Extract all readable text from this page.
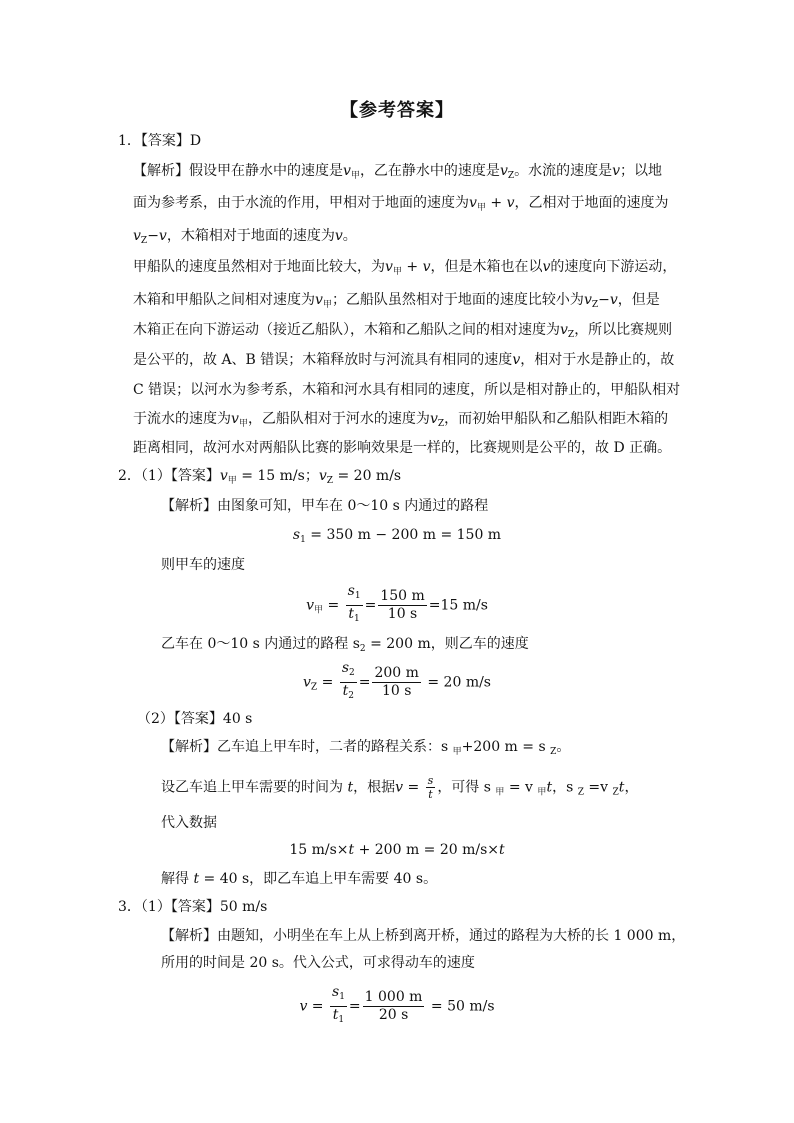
【参考答案】
1．【答案】D
【解析】假设甲在静水中的速度是$v_甲$，乙在静水中的速度是$v_Z$。水流的速度是v；以地
面为参考系，由于水流的作用，甲相对于地面的速度为$v_甲 + v$，乙相对于地面的速度为
$v_Z-v$，木箱相对于地面的速度为v。
甲船队的速度虽然相对于地面比较大，为$v_甲 + v$，但是木箱也在以v的速度向下游运动，
木箱和甲船队之间相对速度为$v_甲$；乙船队虽然相对于地面的速度比较小为$v_Z-v$，但是
木箱正在向下游运动（接近乙船队），木箱和乙船队之间的相对速度为$v_Z$，所以比赛规则
是公平的，故 A、B 错误；木箱释放时与河流具有相同的速度v，相对于水是静止的，故
C 错误；以河水为参考系，木箱和河水具有相同的速度，所以是相对静止的，甲船队相对
于流水的速度为$v_甲$，乙船队相对于河水的速度为$v_Z$，而初始甲船队和乙船队相距木箱的
距离相同，故河水对两船队比赛的影响效果是一样的，比赛规则是公平的，故 D 正确。
2．（1）【答案】$v_甲 = 15$ m/s；$v_Z = 20$ m/s
【解析】由图象可知，甲车在 0～10 s 内通过的路程
$s_1 = 350$ m − 200 m = 150 m
则甲车的速度
$v_甲 = \frac{s_1}{t_1} = \frac{150 m}{10 s} =15$ m/s
乙车在 0～10 s 内通过的路程 $s_2 = 200$ m，则乙车的速度
$v_Z = \frac{s_2}{t_2} = \frac{200 m}{10 s} = 20$ m/s
（2）【答案】40 s
【解析】乙车追上甲车时，二者的路程关系：s $_甲$+200 m = s $_Z$。
设乙车追上甲车需要的时间为 t，根据$v = \frac{s}{t}$ ，可得 s $_甲$ = v $_甲$t，s $_Z$ =v $_Z$t，
代入数据
15 m/s×t + 200 m = 20 m/s×t
解得 t = 40 s，即乙车追上甲车需要 40 s。
3．（1）【答案】50 m/s
【解析】由题知，小明坐在车上从上桥到离开桥，通过的路程为大桥的长 1 000 m，
所用的时间是 20 s。代入公式，可求得动车的速度
$v = \frac{s_1}{t_1} = \frac{1 000 m}{20 s} = 50$ m/s
